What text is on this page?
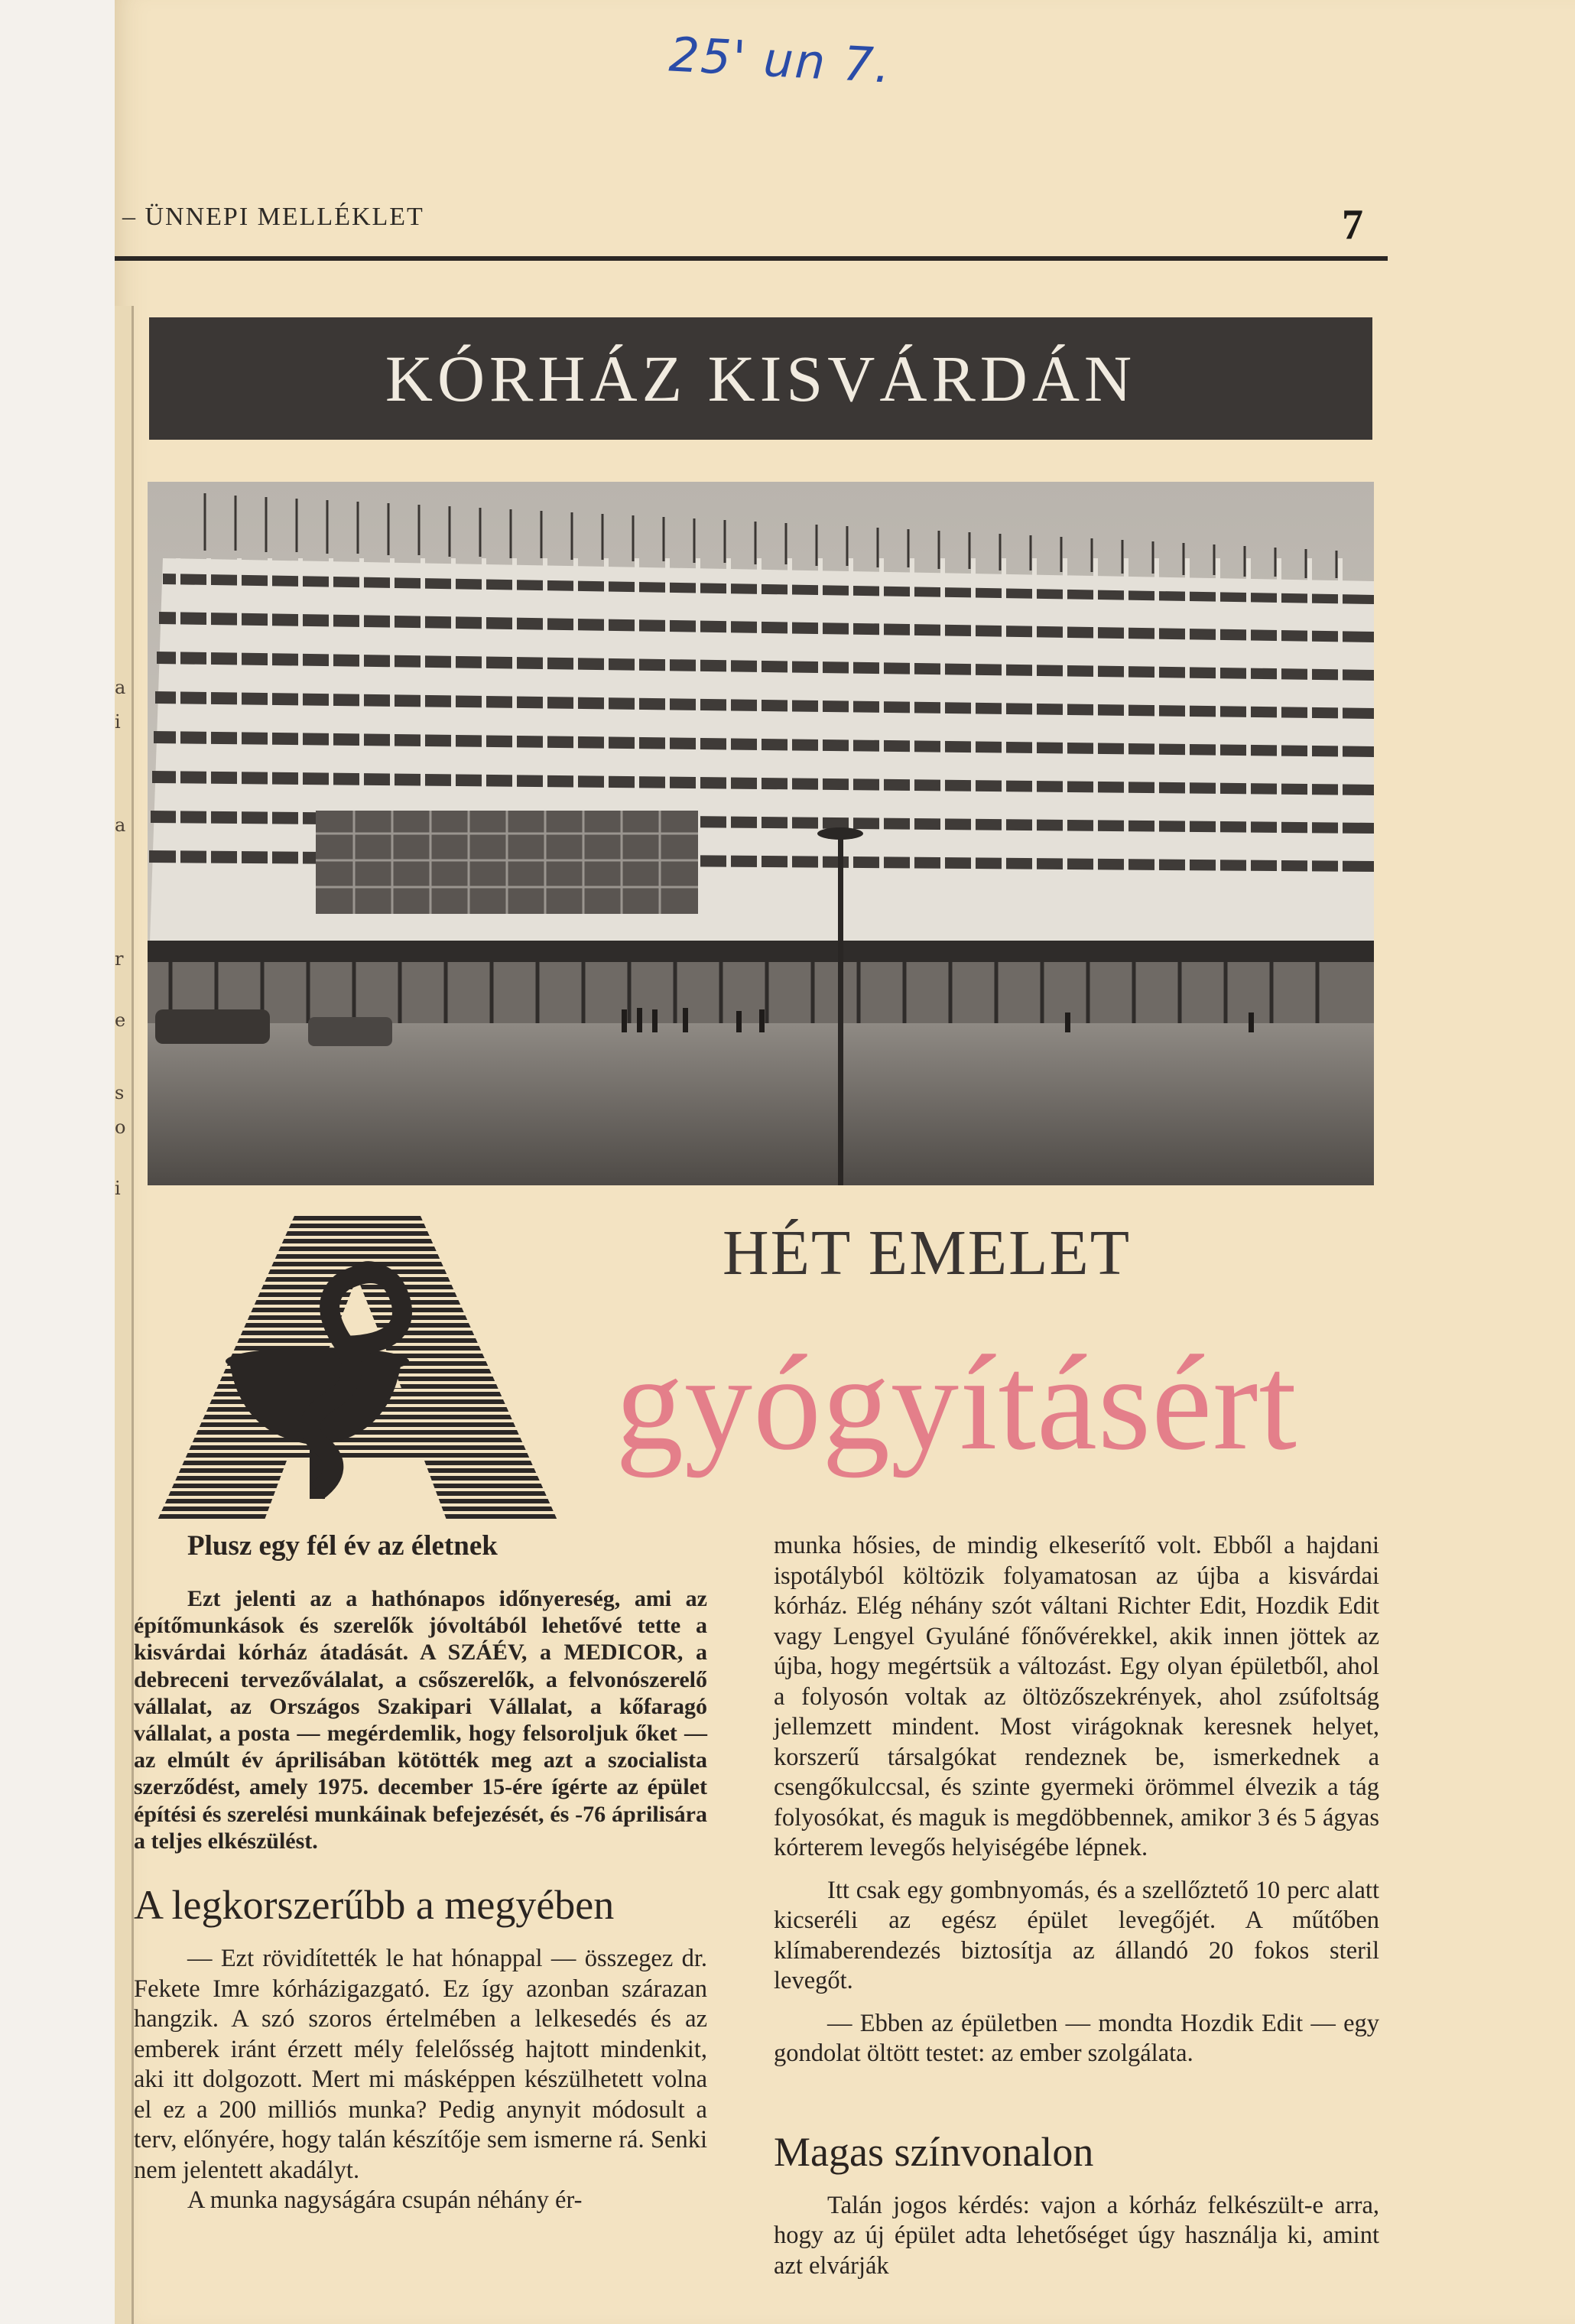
a
i
a
r
e
s
o
i
25' un 7.
– ÜNNEPI MELLÉKLET	7
KÓRHÁZ KISVÁRDÁN
HÉT EMELET
gyógyításért
Plusz egy fél év az életnek

Ezt jelenti az a hathónapos időnyereség, ami az építőmunkások és szerelők jóvoltából lehetővé tette a kisvárdai kórház átadását. A SZÁÉV, a MEDICOR, a debreceni tervezőválalat, a csőszerelők, a felvonószerelő vállalat, az Országos Szakipari Vállalat, a kőfaragó vállalat, a posta — megérdemlik, hogy felsoroljuk őket — az elmúlt év áprilisában kötötték meg azt a szocialista szerződést, amely 1975. december 15-ére ígérte az épület építési és szerelési munkáinak befejezését, és -76 áprilisára a teljes elkészülést.

A legkorszerűbb a megyében

— Ezt rövidítették le hat hónappal — összegez dr. Fekete Imre kórházigazgató. Ez így azonban szárazan hangzik. A szó szoros értelmében a lelkesedés és az emberek iránt érzett mély felelősség hajtott mindenkit, aki itt dolgozott. Mert mi másképpen készülhetett volna el ez a 200 milliós munka? Pedig anynyit módosult a terv, előnyére, hogy talán készítője sem ismerne rá. Senki nem jelentett akadályt.

A munka nagyságára csupán néhány ér-

munka hősies, de mindig elkeserítő volt. Ebből a hajdani ispotályból költözik folyamatosan az újba a kisvárdai kórház. Elég néhány szót váltani Richter Edit, Hozdik Edit vagy Lengyel Gyuláné főnővérekkel, akik innen jöttek az újba, hogy megértsük a változást. Egy olyan épületből, ahol a folyosón voltak az öltözőszekrények, ahol zsúfoltság jellemzett mindent. Most virágoknak keresnek helyet, korszerű társalgókat rendeznek be, ismerkednek a csengőkulccsal, és szinte gyermeki örömmel élvezik a tág folyosókat, és maguk is megdöbbennek, amikor 3 és 5 ágyas kórterem levegős helyiségébe lépnek.

Itt csak egy gombnyomás, és a szellőztető 10 perc alatt kicseréli az egész épület levegőjét. A műtőben klímaberendezés biztosítja az állandó 20 fokos steril levegőt.

— Ebben az épületben — mondta Hozdik Edit — egy gondolat öltött testet: az ember szolgálata.

Magas színvonalon

Talán jogos kérdés: vajon a kórház felkészült-e arra, hogy az új épület adta lehetőséget úgy használja ki, amint azt elvárják
